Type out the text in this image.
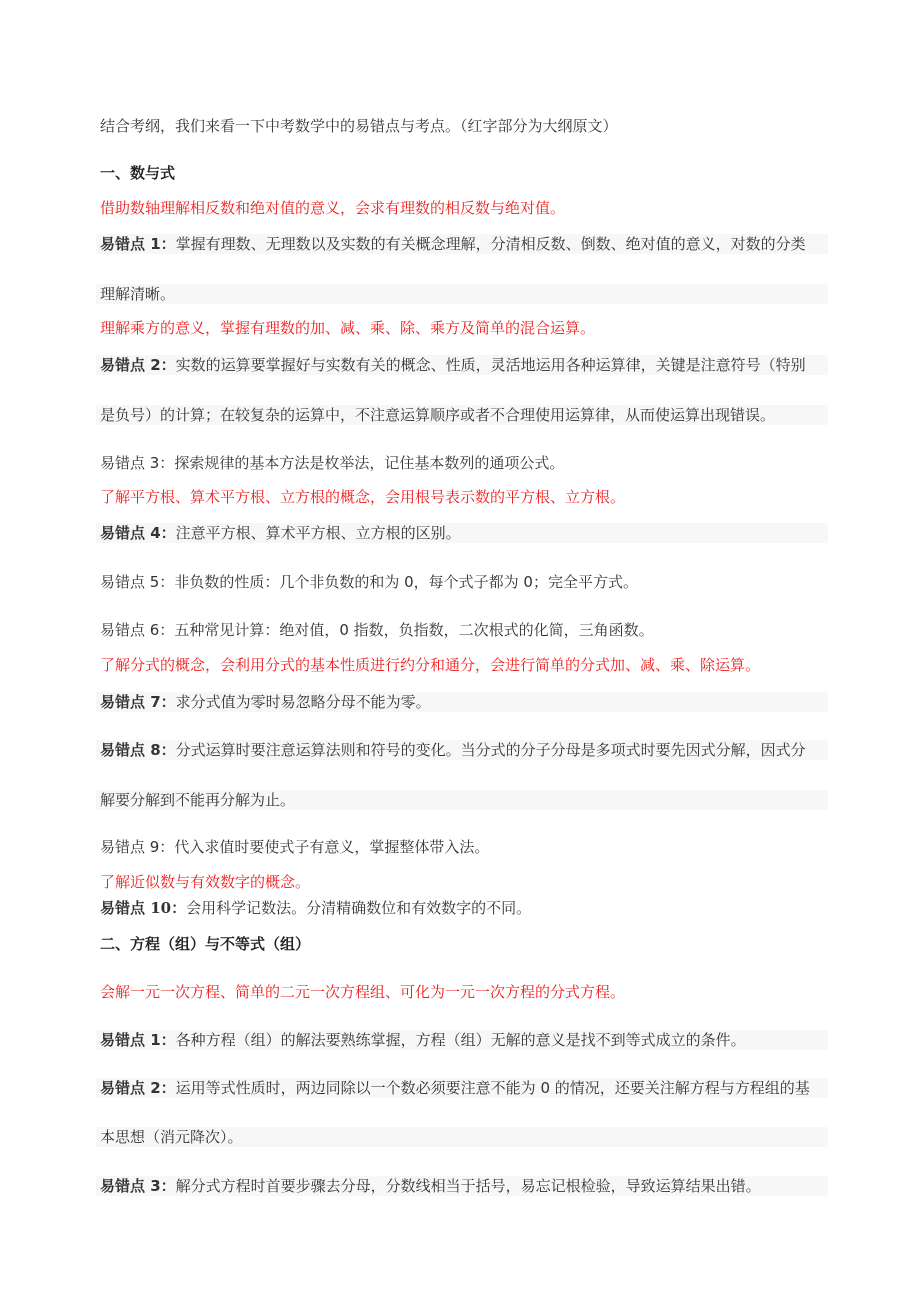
结合考纲，我们来看一下中考数学中的易错点与考点。（红字部分为大纲原文）
一、数与式
借助数轴理解相反数和绝对值的意义，会求有理数的相反数与绝对值。
易错点 1：掌握有理数、无理数以及实数的有关概念理解，分清相反数、倒数、绝对值的意义，对数的分类
理解清晰。
理解乘方的意义，掌握有理数的加、减、乘、除、乘方及简单的混合运算。
易错点 2：实数的运算要掌握好与实数有关的概念、性质，灵活地运用各种运算律，关键是注意符号（特别
是负号）的计算；在较复杂的运算中，不注意运算顺序或者不合理使用运算律，从而使运算出现错误。
易错点 3：探索规律的基本方法是枚举法，记住基本数列的通项公式。
了解平方根、算术平方根、立方根的概念，会用根号表示数的平方根、立方根。
易错点 4：注意平方根、算术平方根、立方根的区别。
易错点 5：非负数的性质：几个非负数的和为 0，每个式子都为 0；完全平方式。
易错点 6：五种常见计算：绝对值，0 指数，负指数，二次根式的化简，三角函数。
了解分式的概念，会利用分式的基本性质进行约分和通分，会进行简单的分式加、减、乘、除运算。
易错点 7：求分式值为零时易忽略分母不能为零。
易错点 8：分式运算时要注意运算法则和符号的变化。当分式的分子分母是多项式时要先因式分解，因式分
解要分解到不能再分解为止。
易错点 9：代入求值时要使式子有意义，掌握整体带入法。
了解近似数与有效数字的概念。
易错点 10：会用科学记数法。分清精确数位和有效数字的不同。
二、方程（组）与不等式（组）
会解一元一次方程、简单的二元一次方程组、可化为一元一次方程的分式方程。
易错点 1：各种方程（组）的解法要熟练掌握，方程（组）无解的意义是找不到等式成立的条件。
易错点 2：运用等式性质时，两边同除以一个数必须要注意不能为 0 的情况，还要关注解方程与方程组的基
本思想（消元降次）。
易错点 3：解分式方程时首要步骤去分母，分数线相当于括号，易忘记根检验，导致运算结果出错。
